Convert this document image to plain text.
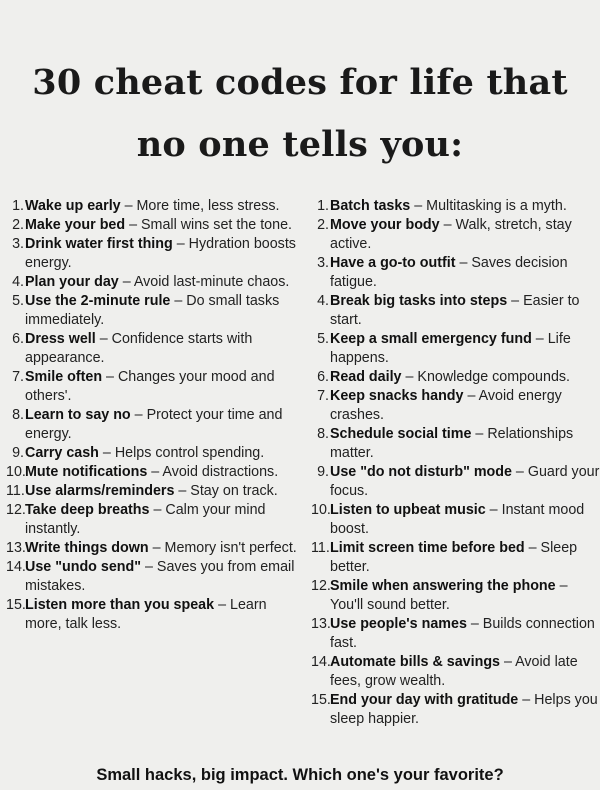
30 cheat codes for life that
no one tells you:
1. Wake up early – More time, less stress.
2. Make your bed – Small wins set the tone.
3. Drink water first thing – Hydration boosts energy.
4. Plan your day – Avoid last-minute chaos.
5. Use the 2-minute rule – Do small tasks immediately.
6. Dress well – Confidence starts with appearance.
7. Smile often – Changes your mood and others'.
8. Learn to say no – Protect your time and energy.
9. Carry cash – Helps control spending.
10. Mute notifications – Avoid distractions.
11. Use alarms/reminders – Stay on track.
12. Take deep breaths – Calm your mind instantly.
13. Write things down – Memory isn't perfect.
14. Use "undo send" – Saves you from email mistakes.
15. Listen more than you speak – Learn more, talk less.
1. Batch tasks – Multitasking is a myth.
2. Move your body – Walk, stretch, stay active.
3. Have a go-to outfit – Saves decision fatigue.
4. Break big tasks into steps – Easier to start.
5. Keep a small emergency fund – Life happens.
6. Read daily – Knowledge compounds.
7. Keep snacks handy – Avoid energy crashes.
8. Schedule social time – Relationships matter.
9. Use "do not disturb" mode – Guard your focus.
10. Listen to upbeat music – Instant mood boost.
11. Limit screen time before bed – Sleep better.
12. Smile when answering the phone – You'll sound better.
13. Use people's names – Builds connection fast.
14. Automate bills & savings – Avoid late fees, grow wealth.
15. End your day with gratitude – Helps you sleep happier.
Small hacks, big impact. Which one's your favorite?
